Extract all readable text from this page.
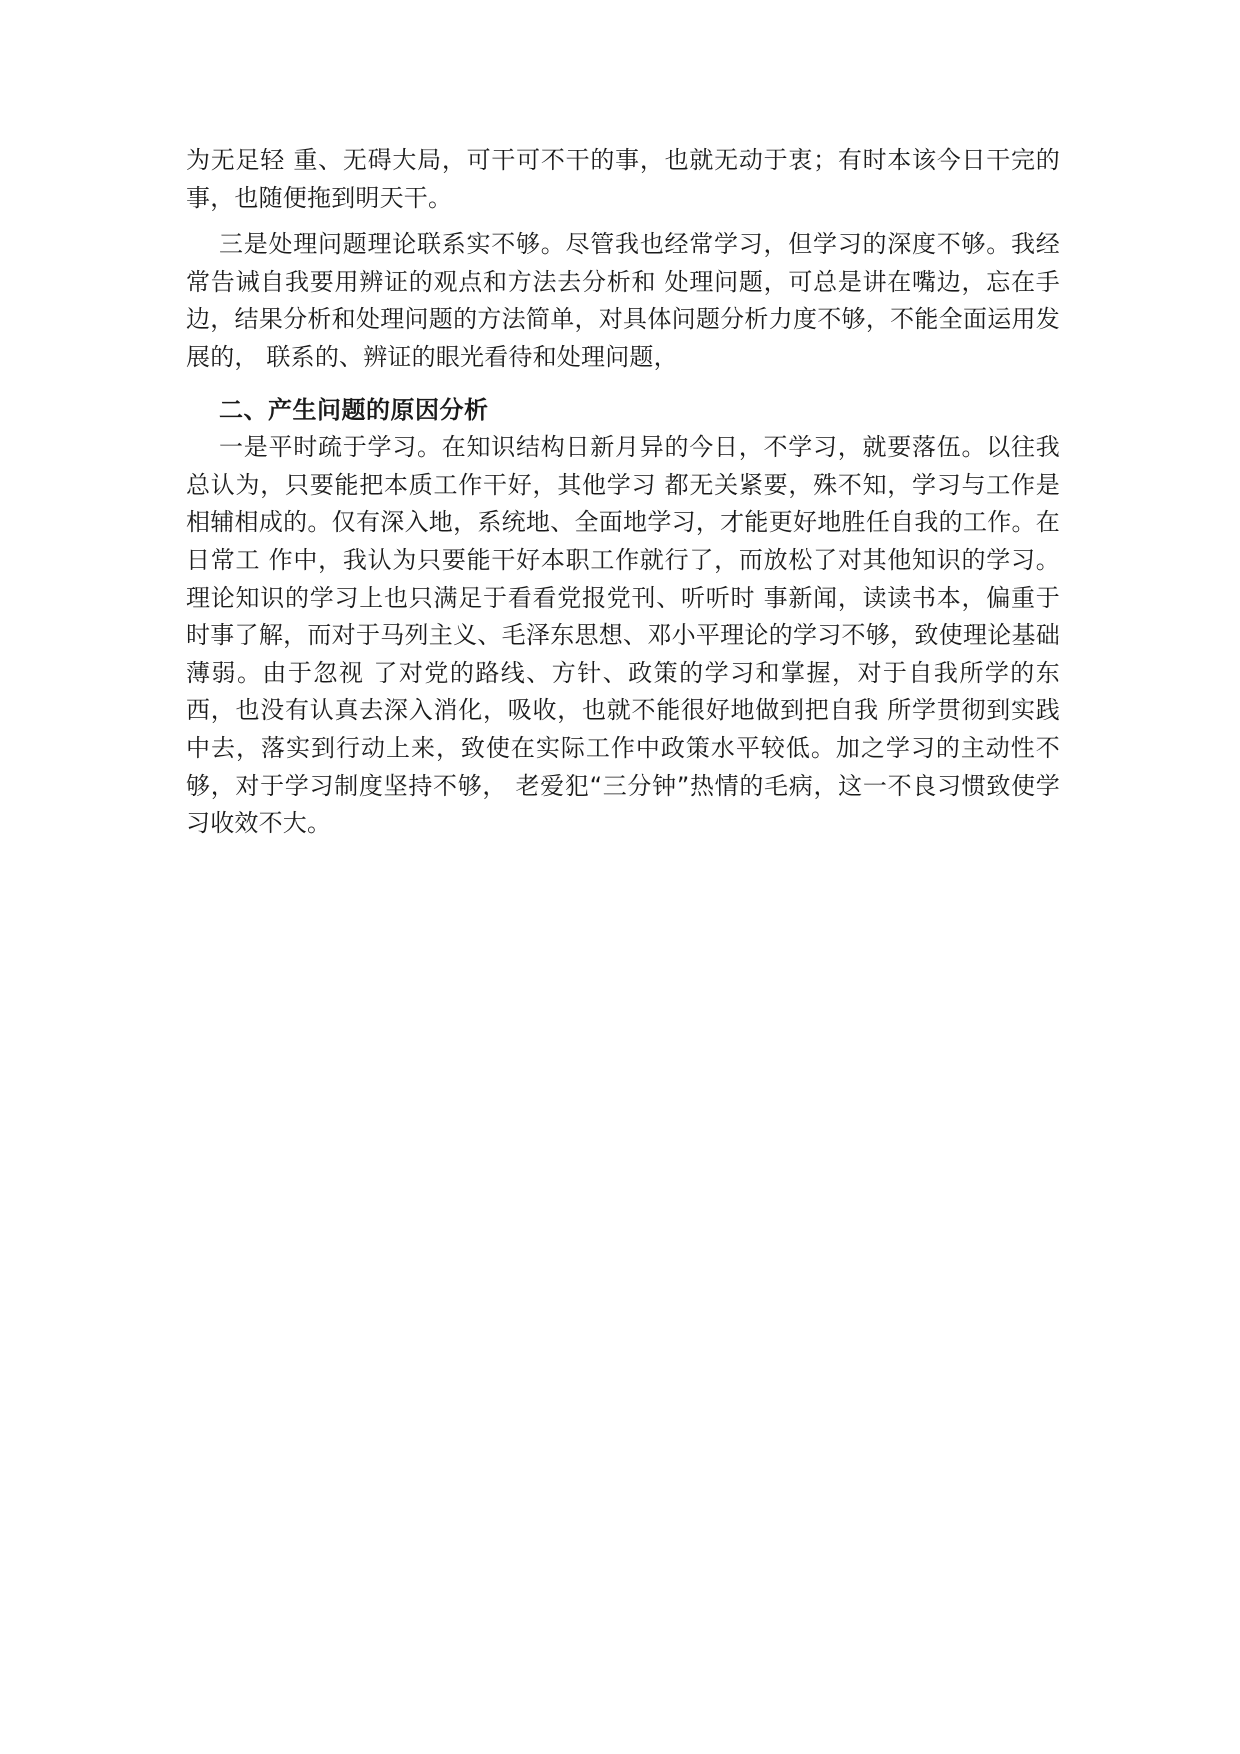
为无足轻 重、无碍大局，可干可不干的事，也就无动于衷；有时本该今日干完的事，也随便拖到明天干。

三是处理问题理论联系实不够。尽管我也经常学习，但学习的深度不够。我经常告诫自我要用辨证的观点和方法去分析和 处理问题，可总是讲在嘴边，忘在手边，结果分析和处理问题的方法简单，对具体问题分析力度不够，不能全面运用发展的， 联系的、辨证的眼光看待和处理问题，

二、产生问题的原因分析

一是平时疏于学习。在知识结构日新月异的今日，不学习，就要落伍。以往我总认为，只要能把本质工作干好，其他学习 都无关紧要，殊不知，学习与工作是相辅相成的。仅有深入地，系统地、全面地学习，才能更好地胜任自我的工作。在日常工 作中，我认为只要能干好本职工作就行了，而放松了对其他知识的学习。理论知识的学习上也只满足于看看党报党刊、听听时 事新闻，读读书本，偏重于时事了解，而对于马列主义、毛泽东思想、邓小平理论的学习不够，致使理论基础薄弱。由于忽视 了对党的路线、方针、政策的学习和掌握，对于自我所学的东西，也没有认真去深入消化，吸收，也就不能很好地做到把自我 所学贯彻到实践中去，落实到行动上来，致使在实际工作中政策水平较低。加之学习的主动性不够，对于学习制度坚持不够， 老爱犯“三分钟”热情的毛病，这一不良习惯致使学习收效不大。
